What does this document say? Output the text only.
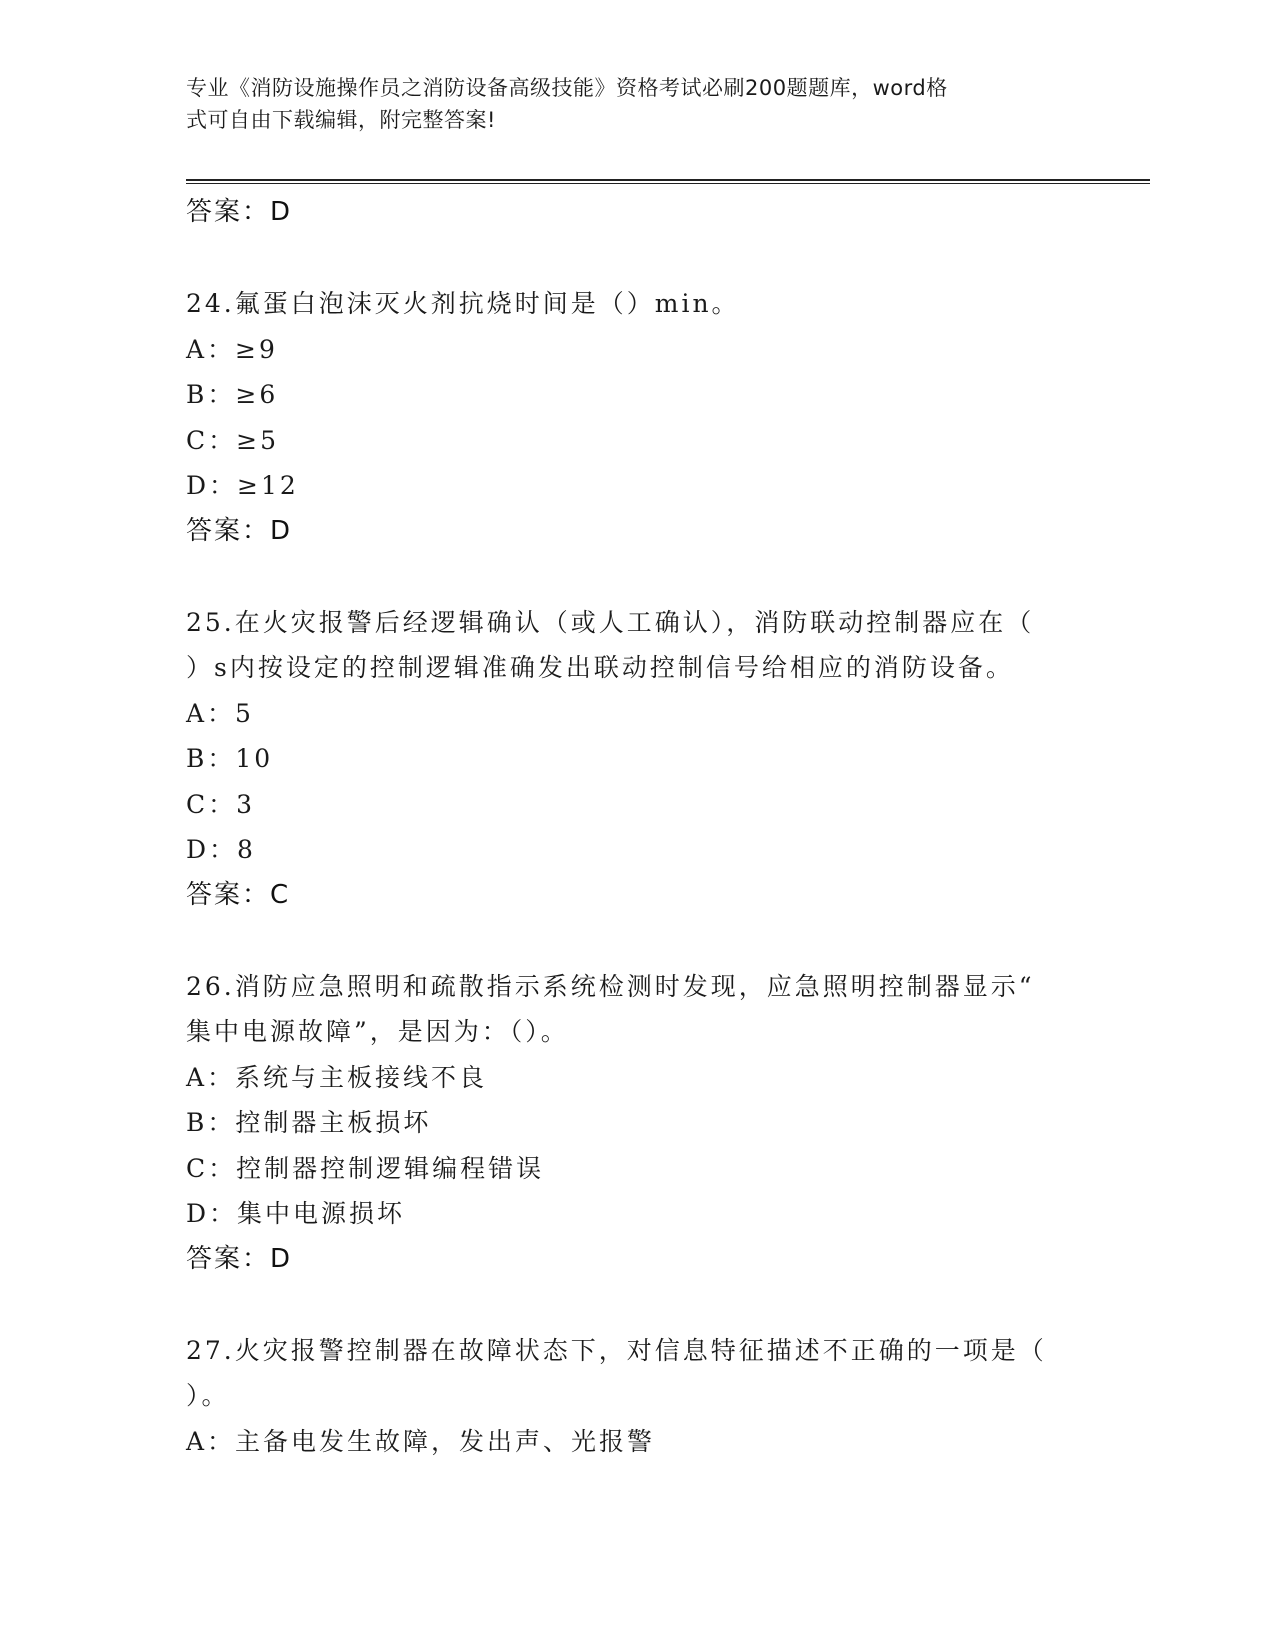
专业《消防设施操作员之消防设备高级技能》资格考试必刷200题题库，word格
式可自由下载编辑，附完整答案!
答案：D
24.氟蛋白泡沫灭火剂抗烧时间是（）min。
A：≥9
B：≥6
C：≥5
D：≥12
答案：D
25.在火灾报警后经逻辑确认（或人工确认），消防联动控制器应在（
）s内按设定的控制逻辑准确发出联动控制信号给相应的消防设备。
A：5
B：10
C：3
D：8
答案：C
26.消防应急照明和疏散指示系统检测时发现，应急照明控制器显示“
集中电源故障”，是因为：（）。
A：系统与主板接线不良
B：控制器主板损坏
C：控制器控制逻辑编程错误
D：集中电源损坏
答案：D
27.火灾报警控制器在故障状态下，对信息特征描述不正确的一项是（
）。
A：主备电发生故障，发出声、光报警
